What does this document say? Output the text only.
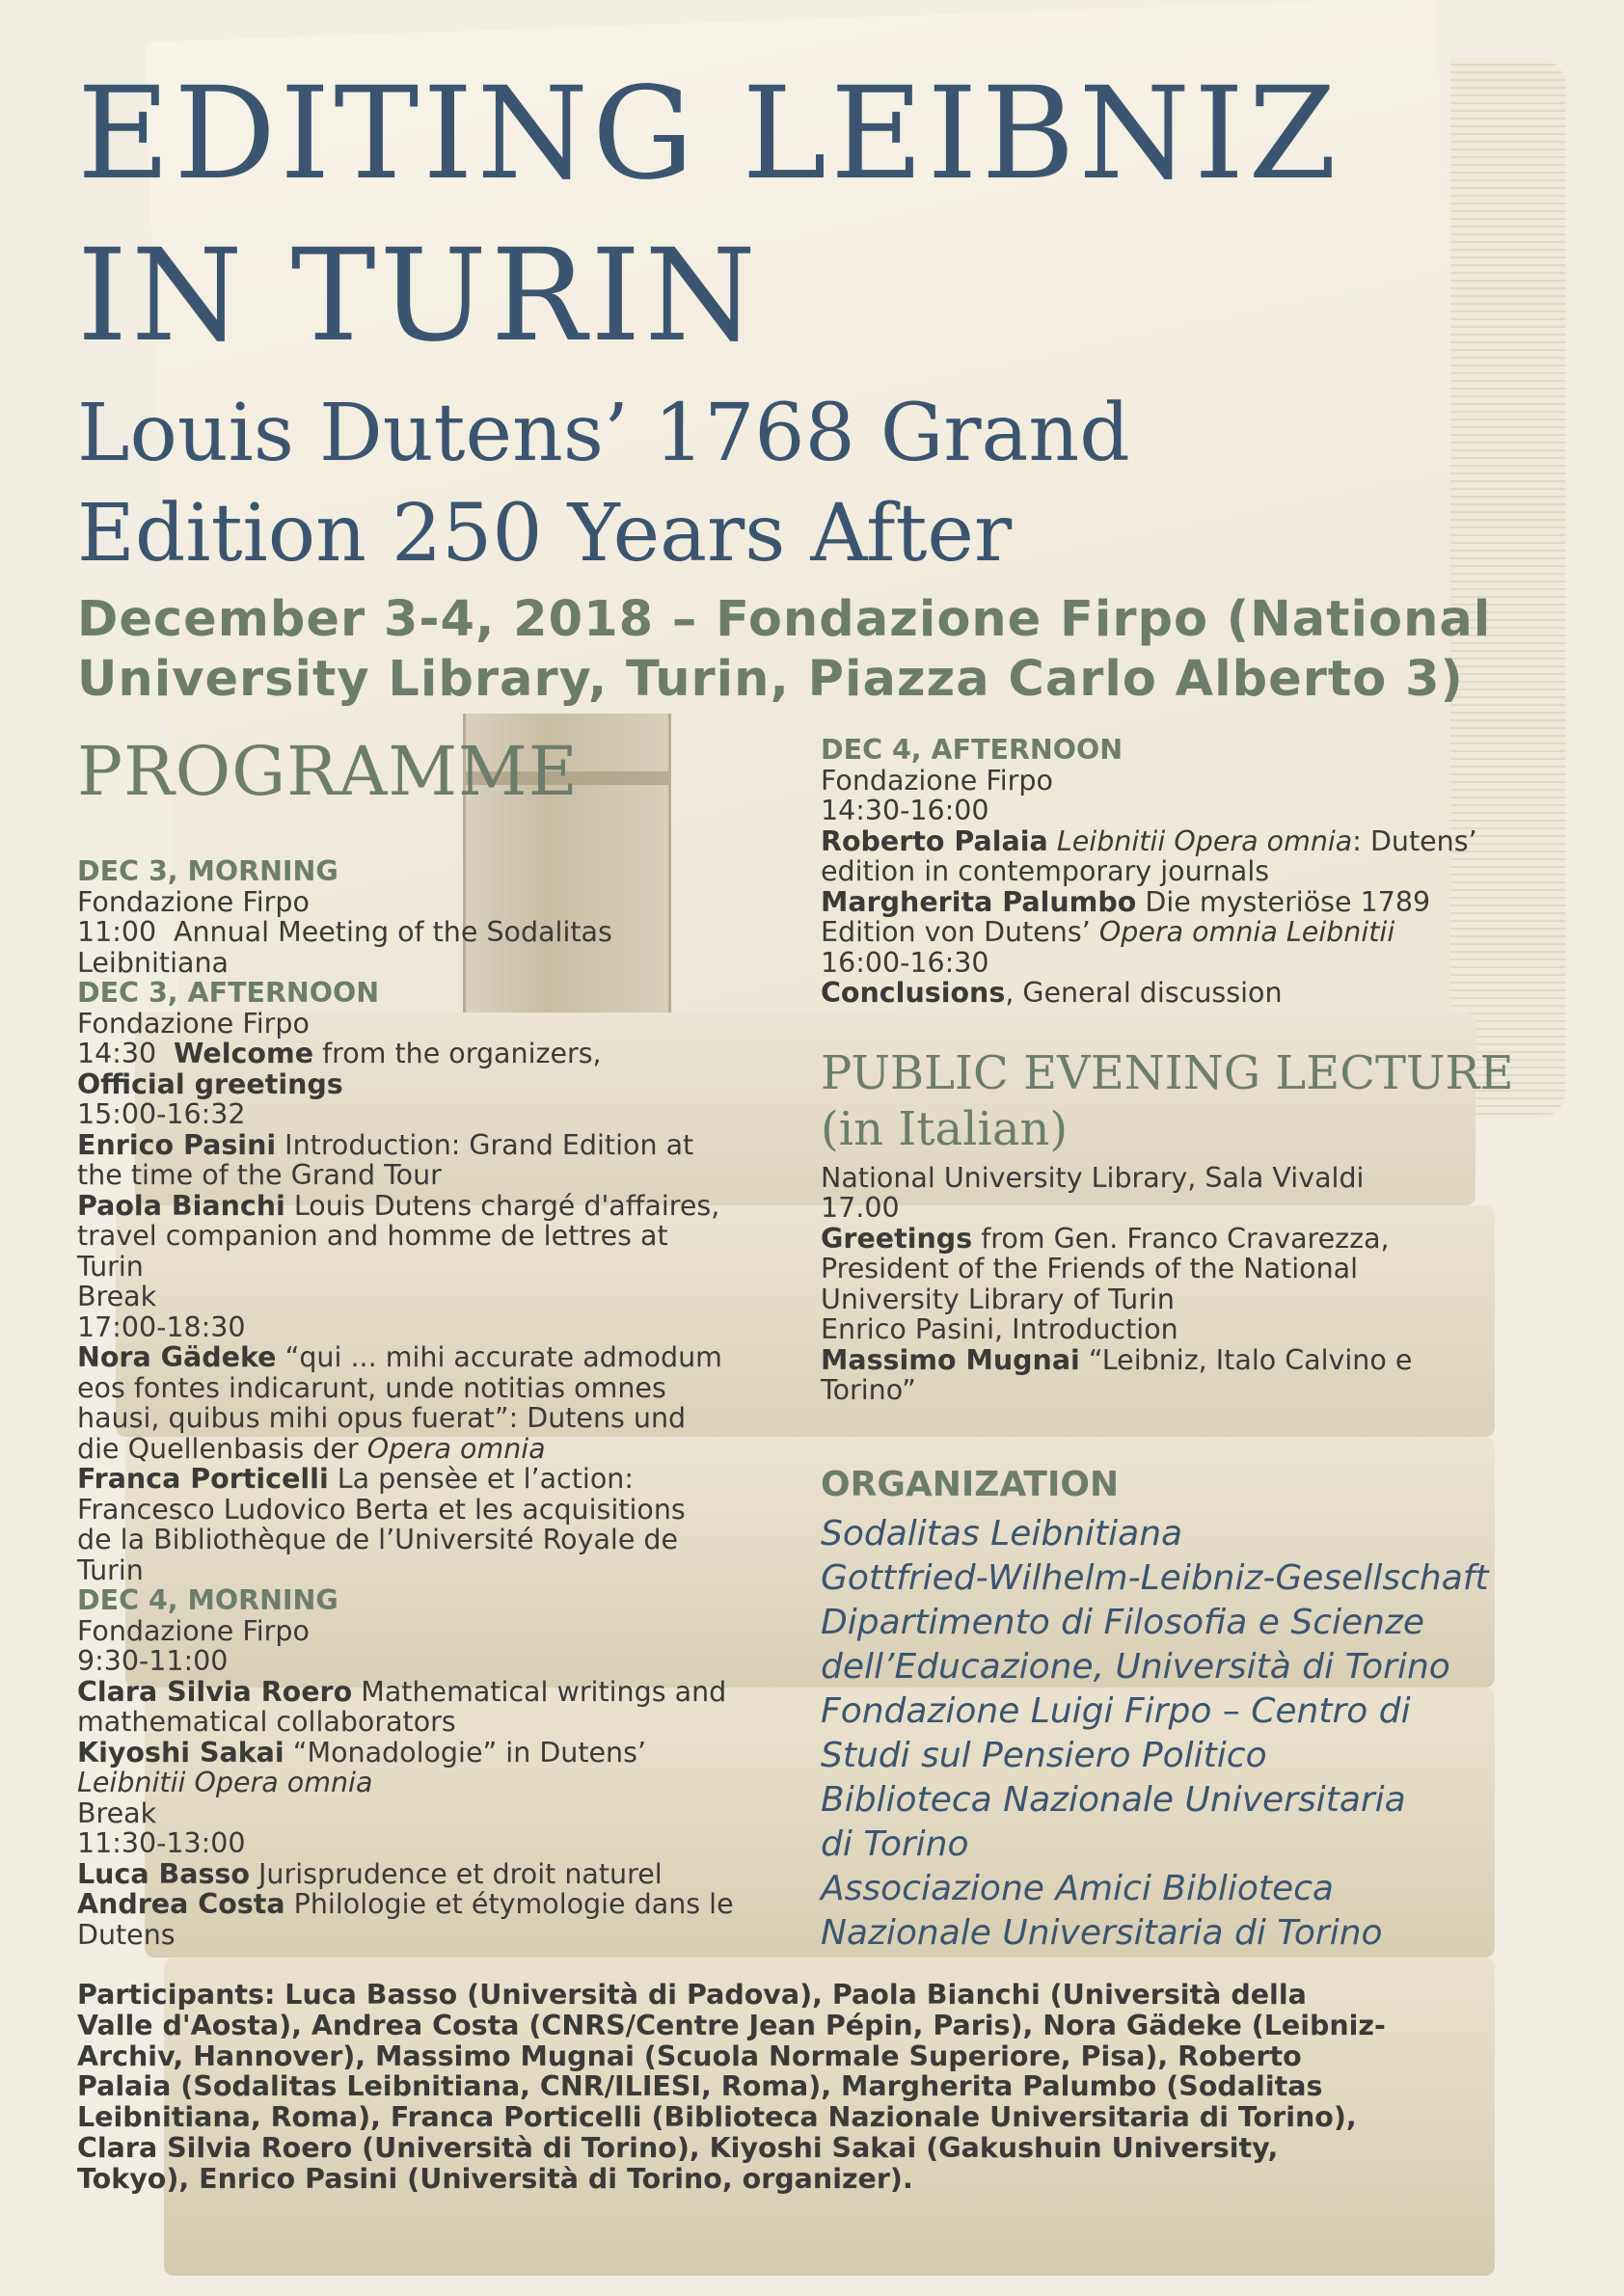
EDITING LEIBNIZ
IN TURIN
Louis Dutens’ 1768 Grand
Edition 250 Years After

December 3-4, 2018 – Fondazione Firpo (National
University Library, Turin, Piazza Carlo Alberto 3)

PROGRAMME
DEC 3, MORNING
Fondazione Firpo
11:00 Annual Meeting of the Sodalitas
Leibnitiana
DEC 3, AFTERNOON
Fondazione Firpo
14:30 Welcome from the organizers,
Official greetings
15:00-16:32
Enrico Pasini Introduction: Grand Edition at
the time of the Grand Tour
Paola Bianchi Louis Dutens chargé d'affaires,
travel companion and homme de lettres at
Turin
Break
17:00-18:30
Nora Gädeke “qui ... mihi accurate admodum
eos fontes indicarunt, unde notitias omnes
hausi, quibus mihi opus fuerat”: Dutens und
die Quellenbasis der Opera omnia
Franca Porticelli La pensèe et l’action:
Francesco Ludovico Berta et les acquisitions
de la Bibliothèque de l’Université Royale de
Turin
DEC 4, MORNING
Fondazione Firpo
9:30-11:00
Clara Silvia Roero Mathematical writings and
mathematical collaborators
Kiyoshi Sakai “Monadologie” in Dutens’
Leibnitii Opera omnia
Break
11:30-13:00
Luca Basso Jurisprudence et droit naturel
Andrea Costa Philologie et étymologie dans le
Dutens
DEC 4, AFTERNOON
Fondazione Firpo
14:30-16:00
Roberto Palaia Leibnitii Opera omnia: Dutens’
edition in contemporary journals
Margherita Palumbo Die mysteriöse 1789
Edition von Dutens’ Opera omnia Leibnitii
16:00-16:30
Conclusions, General discussion
PUBLIC EVENING LECTURE
(in Italian)
National University Library, Sala Vivaldi
17.00
Greetings from Gen. Franco Cravarezza,
President of the Friends of the National
University Library of Turin
Enrico Pasini, Introduction
Massimo Mugnai “Leibniz, Italo Calvino e
Torino”
ORGANIZATION
Sodalitas Leibnitiana
Gottfried-Wilhelm-Leibniz-Gesellschaft
Dipartimento di Filosofia e Scienze
dell’Educazione, Università di Torino
Fondazione Luigi Firpo – Centro di
Studi sul Pensiero Politico
Biblioteca Nazionale Universitaria
di Torino
Associazione Amici Biblioteca
Nazionale Universitaria di Torino

Participants: Luca Basso (Università di Padova), Paola Bianchi (Università della
Valle d'Aosta), Andrea Costa (CNRS/Centre Jean Pépin, Paris), Nora Gädeke (Leibniz-
Archiv, Hannover), Massimo Mugnai (Scuola Normale Superiore, Pisa), Roberto
Palaia (Sodalitas Leibnitiana, CNR/ILIESI, Roma), Margherita Palumbo (Sodalitas
Leibnitiana, Roma), Franca Porticelli (Biblioteca Nazionale Universitaria di Torino),
Clara Silvia Roero (Università di Torino), Kiyoshi Sakai (Gakushuin University,
Tokyo), Enrico Pasini (Università di Torino, organizer).
